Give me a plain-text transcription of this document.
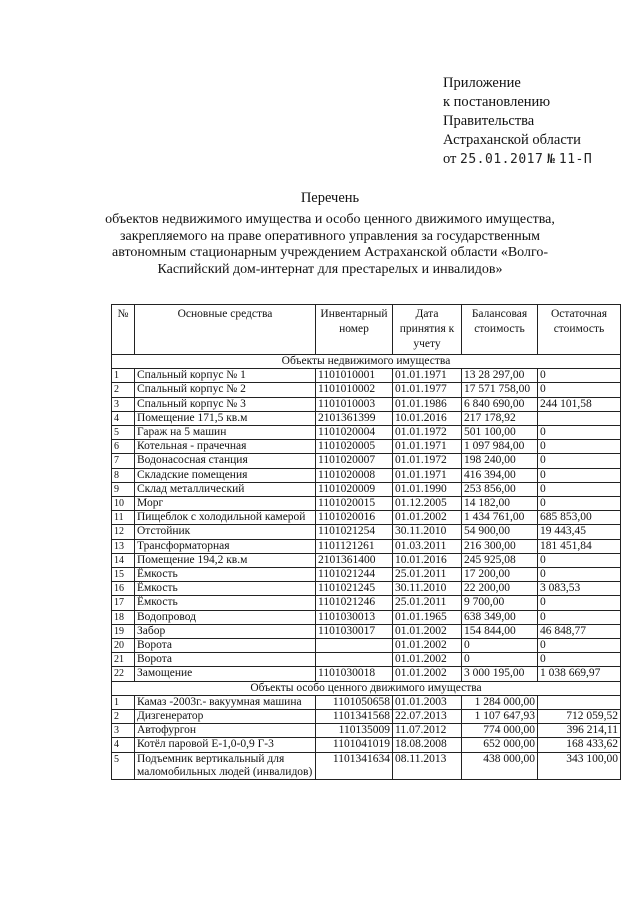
Приложение
к постановлению
Правительства
Астраханской области
от 25.01.2017 № 11-П
Перечень
объектов недвижимого имущества и особо ценного движимого имущества, закрепляемого на праве оперативного управления за государственным автономным стационарным учреждением Астраханской области «Волго-Каспийский дом-интернат для престарелых и инвалидов»
№	Основные средства	Инвентарный номер	Дата принятия к учету	Балансовая стоимость	Остаточная стоимость
Объекты недвижимого имущества					
1	Спальный корпус № 1	1101010001	01.01.1971	13 28 297,00	0
2	Спальный корпус № 2	1101010002	01.01.1977	17 571 758,00	0
3	Спальный корпус № 3	1101010003	01.01.1986	6 840 690,00	244 101,58
4	Помещение 171,5 кв.м	2101361399	10.01.2016	217 178,92	
5	Гараж на 5 машин	1101020004	01.01.1972	501 100,00	0
6	Котельная - прачечная	1101020005	01.01.1971	1 097 984,00	0
7	Водонасосная станция	1101020007	01.01.1972	198 240,00	0
8	Складские помещения	1101020008	01.01.1971	416 394,00	0
9	Склад металлический	1101020009	01.01.1990	253 856,00	0
10	Морг	1101020015	01.12.2005	14 182,00	0
11	Пищеблок с холодильной камерой	1101020016	01.01.2002	1 434 761,00	685 853,00
12	Отстойник	1101021254	30.11.2010	54 900,00	19 443,45
13	Трансформаторная	1101121261	01.03.2011	216 300,00	181 451,84
14	Помещение 194,2 кв.м	2101361400	10.01.2016	245 925,08	0
15	Ёмкость	1101021244	25.01.2011	17 200,00	0
16	Ёмкость	1101021245	30.11.2010	22 200,00	3 083,53
17	Ёмкость	1101021246	25.01.2011	9 700,00	0
18	Водопровод	1101030013	01.01.1965	638 349,00	0
19	Забор	1101030017	01.01.2002	154 844,00	46 848,77
20	Ворота		01.01.2002	0	0
21	Ворота		01.01.2002	0	0
22	Замощение	1101030018	01.01.2002	3 000 195,00	1 038 669,97
Объекты особо ценного движимого имущества					
1	Камаз -2003г.- вакуумная машина	1101050658	01.01.2003	1 284 000,00	
2	Дизгенератор	1101341568	22.07.2013	1 107 647,93	712 059,52
3	Автофургон	110135009	11.07.2012	774 000,00	396 214,11
4	Котёл паровой Е-1,0-0,9 Г-3	1101041019	18.08.2008	652 000,00	168 433,62
5	Подъемник вертикальный для маломобильных людей (инвалидов)	1101341634	08.11.2013	438 000,00	343 100,00
